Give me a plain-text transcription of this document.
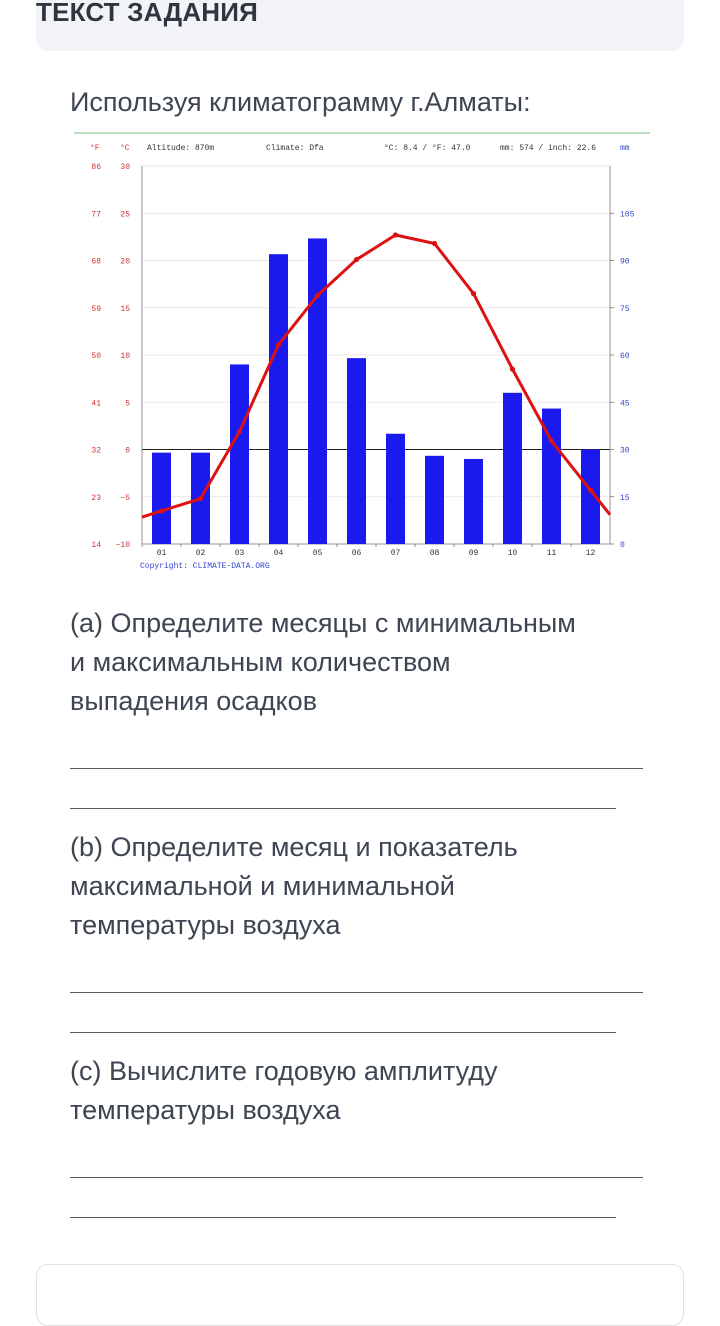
ТЕКСТ ЗАДАНИЯ
Используя климатограмму г.Алматы:
°F	°C Altitude: 870m	Climate: Dfa	°C: 8.4 / °F: 47.0	mm: 574 / inch: 22.6	mm
30
86
25
77
20
68
15
59
10
50
5
41
0
32
−5
23
−10
14
105
90
75
60
45
30
15
0
01	02	03	04	05	06	07	08	09	10	11	12
Copyright: CLIMATE-DATA.ORG
(a) Определите месяцы с минимальным
и максимальным количеством
выпадения осадков
(b) Определите месяц и показатель
максимальной и минимальной
температуры воздуха
(c) Вычислите годовую амплитуду
температуры воздуха
